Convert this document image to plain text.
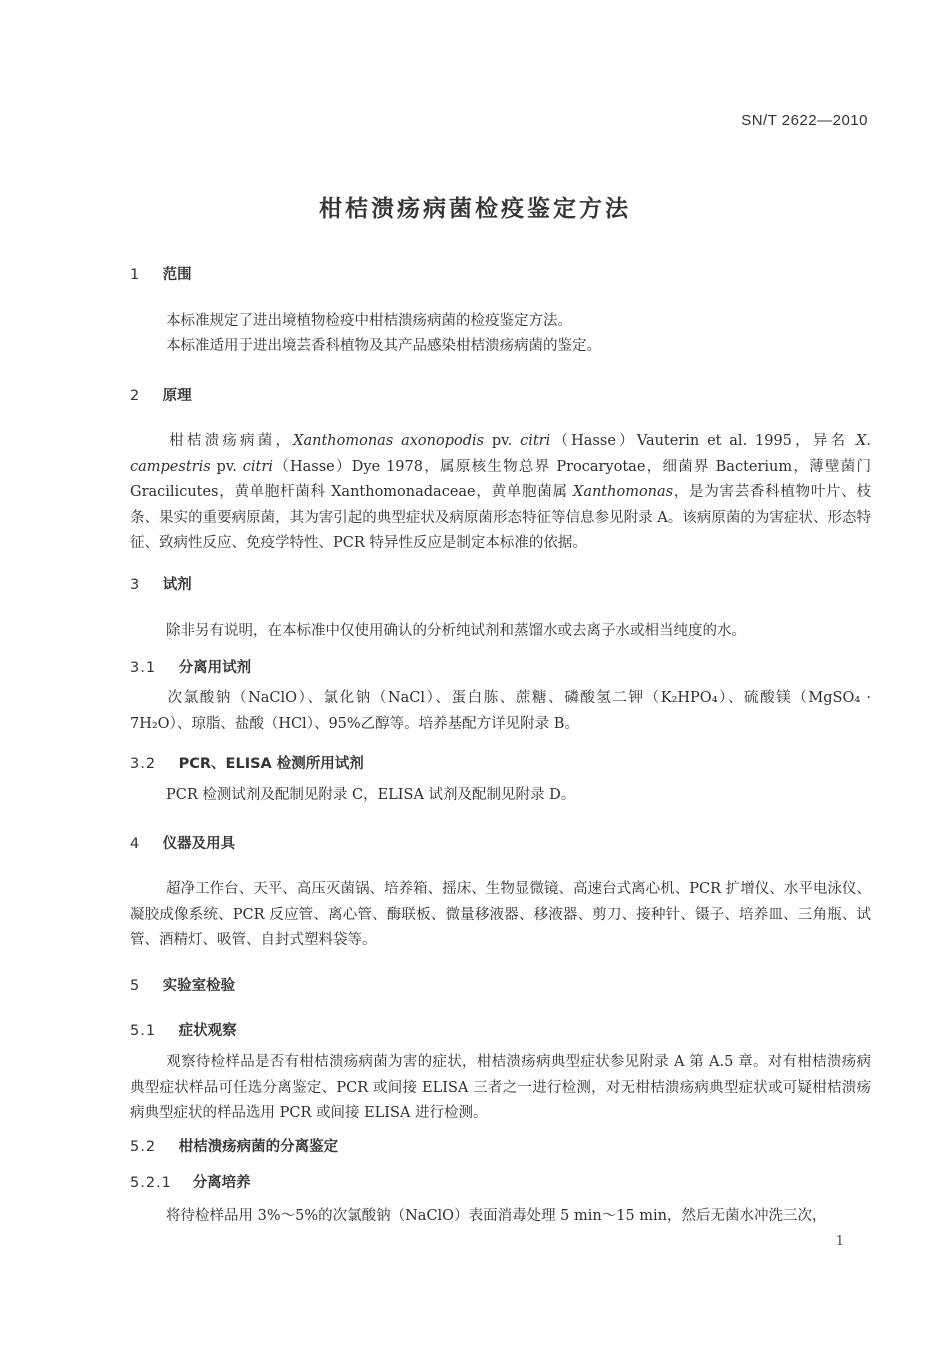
SN/T 2622—2010
柑桔溃疡病菌检疫鉴定方法
1 范围
本标准规定了进出境植物检疫中柑桔溃疡病菌的检疫鉴定方法。
本标准适用于进出境芸香科植物及其产品感染柑桔溃疡病菌的鉴定。
2 原理
柑桔溃疡病菌，Xanthomonas axonopodis pv. citri（Hasse）Vauterin et al. 1995，异名 X. campestris pv. citri（Hasse）Dye 1978，属原核生物总界 Procaryotae，细菌界 Bacterium，薄壁菌门 Gracilicutes，黄单胞杆菌科 Xanthomonadaceae，黄单胞菌属 Xanthomonas，是为害芸香科植物叶片、枝条、果实的重要病原菌，其为害引起的典型症状及病原菌形态特征等信息参见附录 A。该病原菌的为害症状、形态特征、致病性反应、免疫学特性、PCR 特异性反应是制定本标准的依据。
3 试剂
除非另有说明，在本标准中仅使用确认的分析纯试剂和蒸馏水或去离子水或相当纯度的水。
3.1 分离用试剂
次氯酸钠（NaClO）、氯化钠（NaCl）、蛋白胨、蔗糖、磷酸氢二钾（K₂HPO₄）、硫酸镁（MgSO₄ · 7H₂O）、琼脂、盐酸（HCl）、95%乙醇等。培养基配方详见附录 B。
3.2 PCR、ELISA 检测所用试剂
PCR 检测试剂及配制见附录 C，ELISA 试剂及配制见附录 D。
4 仪器及用具
超净工作台、天平、高压灭菌锅、培养箱、摇床、生物显微镜、高速台式离心机、PCR 扩增仪、水平电泳仪、凝胶成像系统、PCR 反应管、离心管、酶联板、微量移液器、移液器、剪刀、接种针、镊子、培养皿、三角瓶、试管、酒精灯、吸管、自封式塑料袋等。
5 实验室检验
5.1 症状观察
观察待检样品是否有柑桔溃疡病菌为害的症状，柑桔溃疡病典型症状参见附录 A 第 A.5 章。对有柑桔溃疡病典型症状样品可任选分离鉴定、PCR 或间接 ELISA 三者之一进行检测，对无柑桔溃疡病典型症状或可疑柑桔溃疡病典型症状的样品选用 PCR 或间接 ELISA 进行检测。
5.2 柑桔溃疡病菌的分离鉴定
5.2.1 分离培养
将待检样品用 3%～5%的次氯酸钠（NaClO）表面消毒处理 5 min～15 min，然后无菌水冲洗三次，
1
